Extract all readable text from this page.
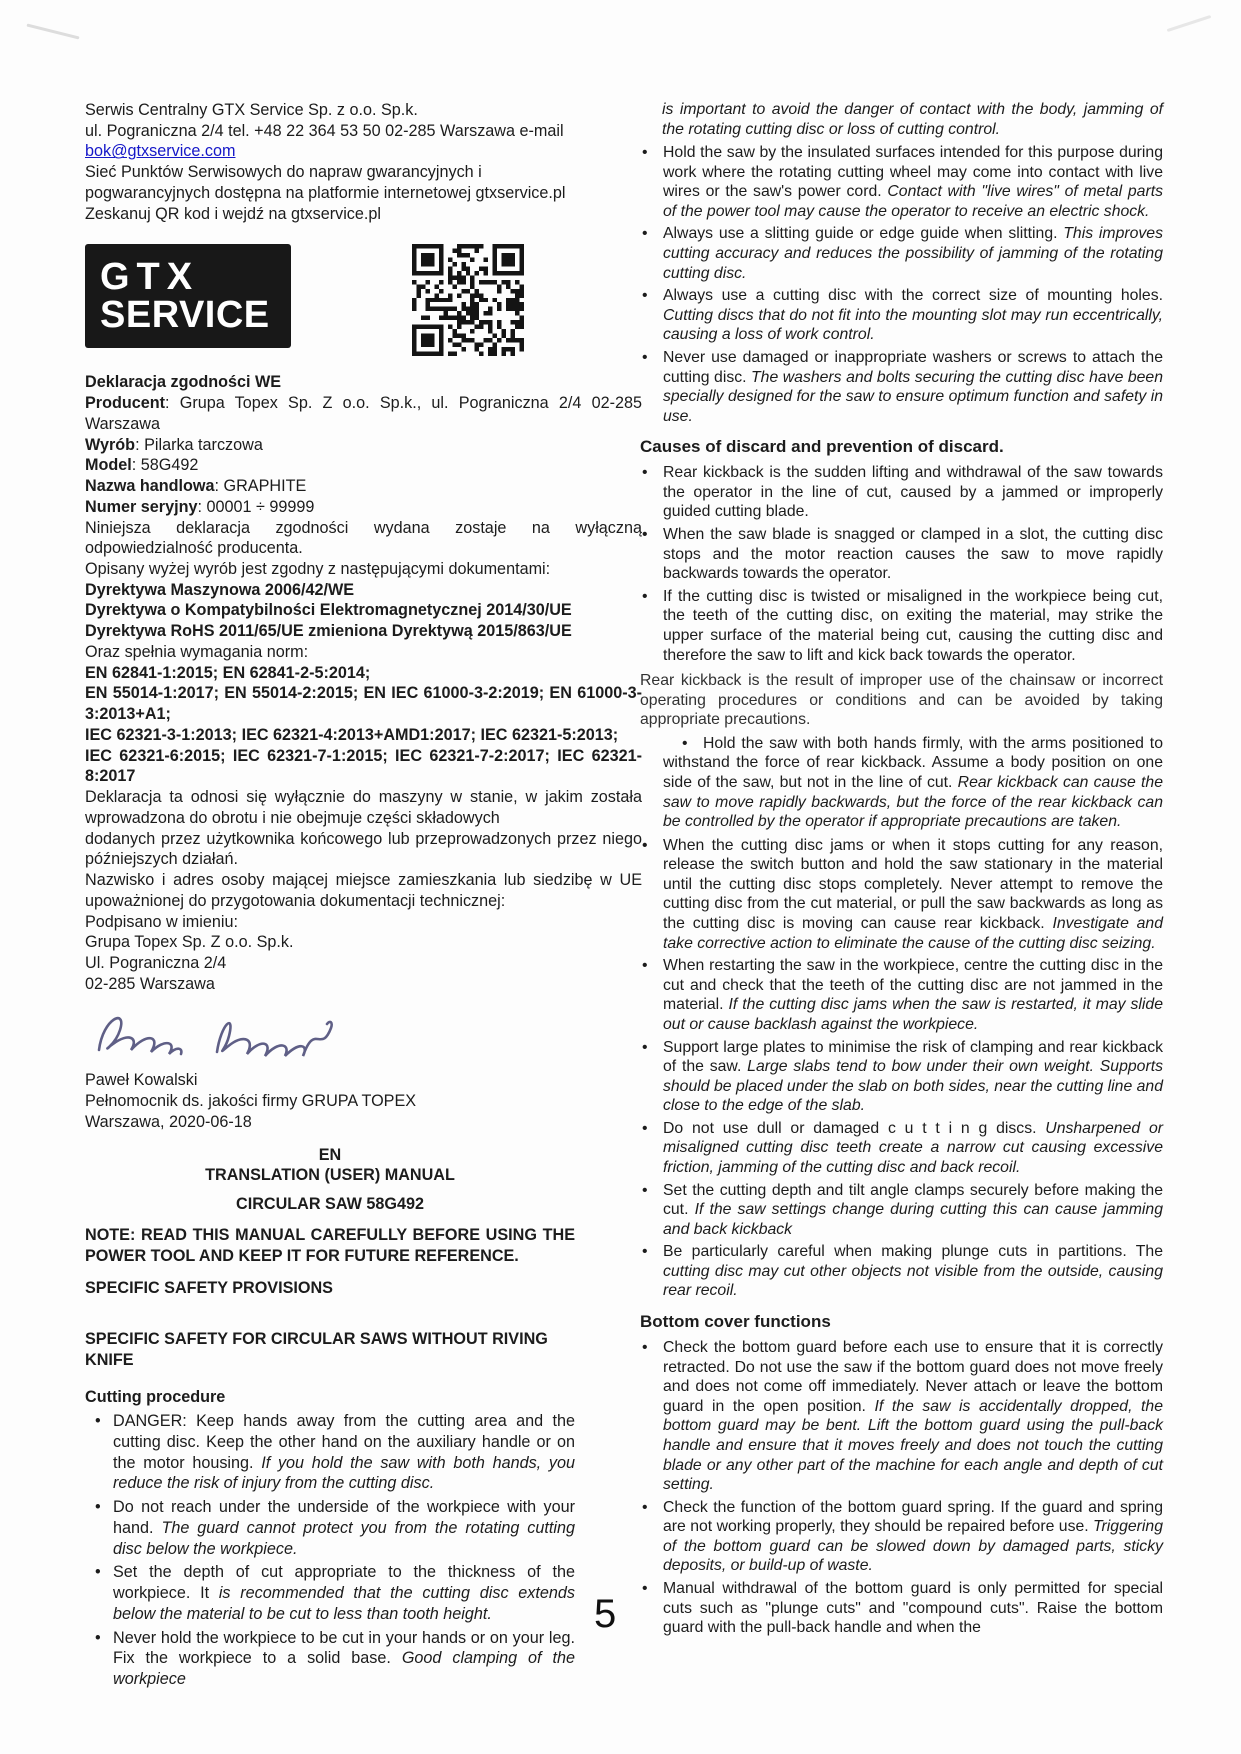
Serwis Centralny GTX Service Sp. z o.o. Sp.k.
ul. Pograniczna 2/4 tel. +48 22 364 53 50 02-285 Warszawa e-mail
bok@gtxservice.com
Sieć Punktów Serwisowych do napraw gwarancyjnych i
pogwarancyjnych dostępna na platformie internetowej gtxservice.pl
Zeskanuj QR kod i wejdź na gtxservice.pl
GTX
SERVICE
Deklaracja zgodności WE
Producent: Grupa Topex Sp. Z o.o. Sp.k., ul. Pograniczna 2/4 02-285 Warszawa
Wyrób: Pilarka tarczowa
Model: 58G492
Nazwa handlowa: GRAPHITE
Numer seryjny: 00001 ÷ 99999
Niniejsza deklaracja zgodności wydana zostaje na wyłączną odpowiedzialność producenta.
Opisany wyżej wyrób jest zgodny z następującymi dokumentami:
Dyrektywa Maszynowa 2006/42/WE
Dyrektywa o Kompatybilności Elektromagnetycznej 2014/30/UE
Dyrektywa RoHS 2011/65/UE zmieniona Dyrektywą 2015/863/UE
Oraz spełnia wymagania norm:
EN 62841-1:2015; EN 62841-2-5:2014;
EN 55014-1:2017; EN 55014-2:2015; EN IEC 61000-3-2:2019; EN 61000-3-3:2013+A1;
IEC 62321-3-1:2013; IEC 62321-4:2013+AMD1:2017; IEC 62321-5:2013;
IEC 62321-6:2015; IEC 62321-7-1:2015; IEC 62321-7-2:2017; IEC 62321-8:2017
Deklaracja ta odnosi się wyłącznie do maszyny w stanie, w jakim została wprowadzona do obrotu i nie obejmuje części składowych
dodanych przez użytkownika końcowego lub przeprowadzonych przez niego późniejszych działań.
Nazwisko i adres osoby mającej miejsce zamieszkania lub siedzibę w UE upoważnionej do przygotowania dokumentacji technicznej:
Podpisano w imieniu:
Grupa Topex Sp. Z o.o. Sp.k.
Ul. Pograniczna 2/4
02-285 Warszawa
Paweł Kowalski
Pełnomocnik ds. jakości firmy GRUPA TOPEX
Warszawa, 2020-06-18
EN
TRANSLATION (USER) MANUAL
CIRCULAR SAW 58G492
NOTE: READ THIS MANUAL CAREFULLY BEFORE USING THE POWER TOOL AND KEEP IT FOR FUTURE REFERENCE.
SPECIFIC SAFETY PROVISIONS
SPECIFIC SAFETY FOR CIRCULAR SAWS WITHOUT RIVING KNIFE
Cutting procedure
• DANGER: Keep hands away from the cutting area and the cutting disc. Keep the other hand on the auxiliary handle or on the motor housing. If you hold the saw with both hands, you reduce the risk of injury from the cutting disc.
• Do not reach under the underside of the workpiece with your hand. The guard cannot protect you from the rotating cutting disc below the workpiece.
• Set the depth of cut appropriate to the thickness of the workpiece. It is recommended that the cutting disc extends below the material to be cut to less than tooth height.
• Never hold the workpiece to be cut in your hands or on your leg. Fix the workpiece to a solid base. Good clamping of the workpiece
is important to avoid the danger of contact with the body, jamming of the rotating cutting disc or loss of cutting control.
• Hold the saw by the insulated surfaces intended for this purpose during work where the rotating cutting wheel may come into contact with live wires or the saw's power cord. Contact with "live wires" of metal parts of the power tool may cause the operator to receive an electric shock.
• Always use a slitting guide or edge guide when slitting. This improves cutting accuracy and reduces the possibility of jamming of the rotating cutting disc.
• Always use a cutting disc with the correct size of mounting holes. Cutting discs that do not fit into the mounting slot may run eccentrically, causing a loss of work control.
• Never use damaged or inappropriate washers or screws to attach the cutting disc. The washers and bolts securing the cutting disc have been specially designed for the saw to ensure optimum function and safety in use.
Causes of discard and prevention of discard.
• Rear kickback is the sudden lifting and withdrawal of the saw towards the operator in the line of cut, caused by a jammed or improperly guided cutting blade.
• When the saw blade is snagged or clamped in a slot, the cutting disc stops and the motor reaction causes the saw to move rapidly backwards towards the operator.
• If the cutting disc is twisted or misaligned in the workpiece being cut, the teeth of the cutting disc, on exiting the material, may strike the upper surface of the material being cut, causing the cutting disc and therefore the saw to lift and kick back towards the operator.
Rear kickback is the result of improper use of the chainsaw or incorrect operating procedures or conditions and can be avoided by taking appropriate precautions.
• Hold the saw with both hands firmly, with the arms positioned to withstand the force of rear kickback. Assume a body position on one side of the saw, but not in the line of cut. Rear kickback can cause the saw to move rapidly backwards, but the force of the rear kickback can be controlled by the operator if appropriate precautions are taken.
• When the cutting disc jams or when it stops cutting for any reason, release the switch button and hold the saw stationary in the material until the cutting disc stops completely. Never attempt to remove the cutting disc from the cut material, or pull the saw backwards as long as the cutting disc is moving can cause rear kickback. Investigate and take corrective action to eliminate the cause of the cutting disc seizing.
• When restarting the saw in the workpiece, centre the cutting disc in the cut and check that the teeth of the cutting disc are not jammed in the material. If the cutting disc jams when the saw is restarted, it may slide out or cause backlash against the workpiece.
• Support large plates to minimise the risk of clamping and rear kickback of the saw. Large slabs tend to bow under their own weight. Supports should be placed under the slab on both sides, near the cutting line and close to the edge of the slab.
• Do not use dull or damaged c u t t i n g discs. Unsharpened or misaligned cutting disc teeth create a narrow cut causing excessive friction, jamming of the cutting disc and back recoil.
• Set the cutting depth and tilt angle clamps securely before making the cut. If the saw settings change during cutting this can cause jamming and back kickback
• Be particularly careful when making plunge cuts in partitions. The cutting disc may cut other objects not visible from the outside, causing rear recoil.
Bottom cover functions
• Check the bottom guard before each use to ensure that it is correctly retracted. Do not use the saw if the bottom guard does not move freely and does not come off immediately. Never attach or leave the bottom guard in the open position. If the saw is accidentally dropped, the bottom guard may be bent. Lift the bottom guard using the pull-back handle and ensure that it moves freely and does not touch the cutting blade or any other part of the machine for each angle and depth of cut setting.
• Check the function of the bottom guard spring. If the guard and spring are not working properly, they should be repaired before use. Triggering of the bottom guard can be slowed down by damaged parts, sticky deposits, or build-up of waste.
• Manual withdrawal of the bottom guard is only permitted for special cuts such as "plunge cuts" and "compound cuts". Raise the bottom guard with the pull-back handle and when the
5
